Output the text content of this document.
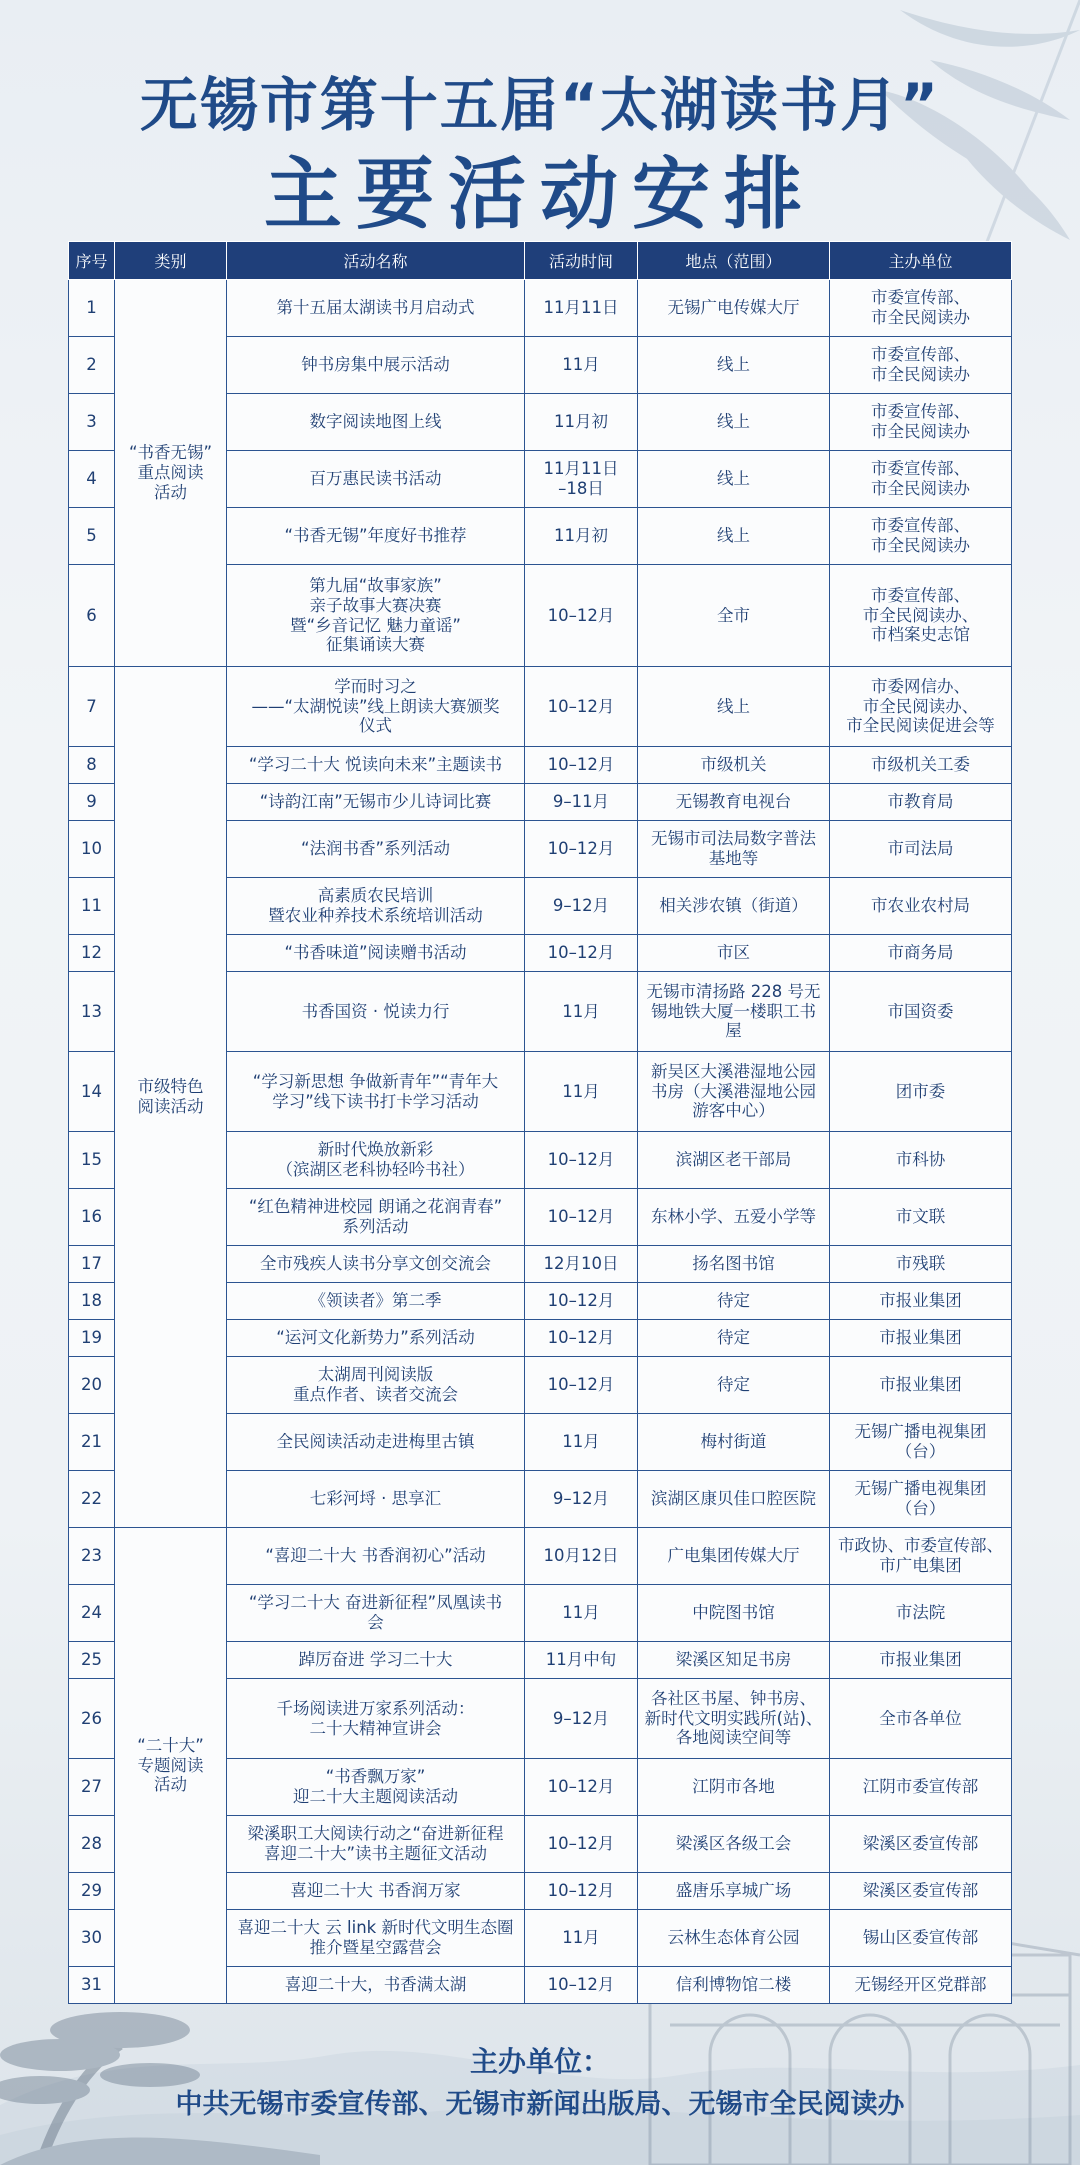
无锡市第十五届“太湖读书月”
主要活动安排
序号	类别	活动名称	活动时间	地点（范围）	主办单位
1	“书香无锡”
重点阅读
活动	第十五届太湖读书月启动式	11月11日	无锡广电传媒大厅	市委宣传部、
市全民阅读办
2		钟书房集中展示活动	11月	线上	市委宣传部、
市全民阅读办
3		数字阅读地图上线	11月初	线上	市委宣传部、
市全民阅读办
4		百万惠民读书活动	11月11日
–18日	线上	市委宣传部、
市全民阅读办
5		“书香无锡”年度好书推荐	11月初	线上	市委宣传部、
市全民阅读办
6		第九届“故事家族”
亲子故事大赛决赛
暨“乡音记忆 魅力童谣”
征集诵读大赛	10–12月	全市	市委宣传部、
市全民阅读办、
市档案史志馆
7	市级特色
阅读活动	学而时习之
——“太湖悦读”线上朗读大赛颁奖
仪式	10–12月	线上	市委网信办、
市全民阅读办、
市全民阅读促进会等
8		“学习二十大 悦读向未来”主题读书	10–12月	市级机关	市级机关工委
9		“诗韵江南”无锡市少儿诗词比赛	9–11月	无锡教育电视台	市教育局
10		“法润书香”系列活动	10–12月	无锡市司法局数字普法
基地等	市司法局
11		高素质农民培训
暨农业种养技术系统培训活动	9–12月	相关涉农镇（街道）	市农业农村局
12		“书香味道”阅读赠书活动	10–12月	市区	市商务局
13		书香国资 · 悦读力行	11月	无锡市清扬路 228 号无
锡地铁大厦一楼职工书
屋	市国资委
14		“学习新思想 争做新青年”“青年大
学习”线下读书打卡学习活动	11月	新吴区大溪港湿地公园
书房（大溪港湿地公园
游客中心）	团市委
15		新时代焕放新彩
（滨湖区老科协轻吟书社）	10–12月	滨湖区老干部局	市科协
16		“红色精神进校园 朗诵之花润青春”
系列活动	10–12月	东林小学、五爱小学等	市文联
17		全市残疾人读书分享文创交流会	12月10日	扬名图书馆	市残联
18		《领读者》第二季	10–12月	待定	市报业集团
19		“运河文化新势力”系列活动	10–12月	待定	市报业集团
20		太湖周刊阅读版
重点作者、读者交流会	10–12月	待定	市报业集团
21		全民阅读活动走进梅里古镇	11月	梅村街道	无锡广播电视集团
（台）
22		七彩河埒 · 思享汇	9–12月	滨湖区康贝佳口腔医院	无锡广播电视集团
（台）
23	“二十大”
专题阅读
活动	“喜迎二十大 书香润初心”活动	10月12日	广电集团传媒大厅	市政协、市委宣传部、
市广电集团
24		“学习二十大 奋进新征程”凤凰读书
会	11月	中院图书馆	市法院
25		踔厉奋进 学习二十大	11月中旬	梁溪区知足书房	市报业集团
26		千场阅读进万家系列活动：
二十大精神宣讲会	9–12月	各社区书屋、钟书房、
新时代文明实践所(站)、
各地阅读空间等	全市各单位
27		“书香飘万家”
迎二十大主题阅读活动	10–12月	江阴市各地	江阴市委宣传部
28		梁溪职工大阅读行动之“奋进新征程
喜迎二十大”读书主题征文活动	10–12月	梁溪区各级工会	梁溪区委宣传部
29		喜迎二十大 书香润万家	10–12月	盛唐乐享城广场	梁溪区委宣传部
30		喜迎二十大 云 link 新时代文明生态圈
推介暨星空露营会	11月	云林生态体育公园	锡山区委宣传部
31		喜迎二十大，书香满太湖	10–12月	信利博物馆二楼	无锡经开区党群部
主办单位：
中共无锡市委宣传部、无锡市新闻出版局、无锡市全民阅读办
